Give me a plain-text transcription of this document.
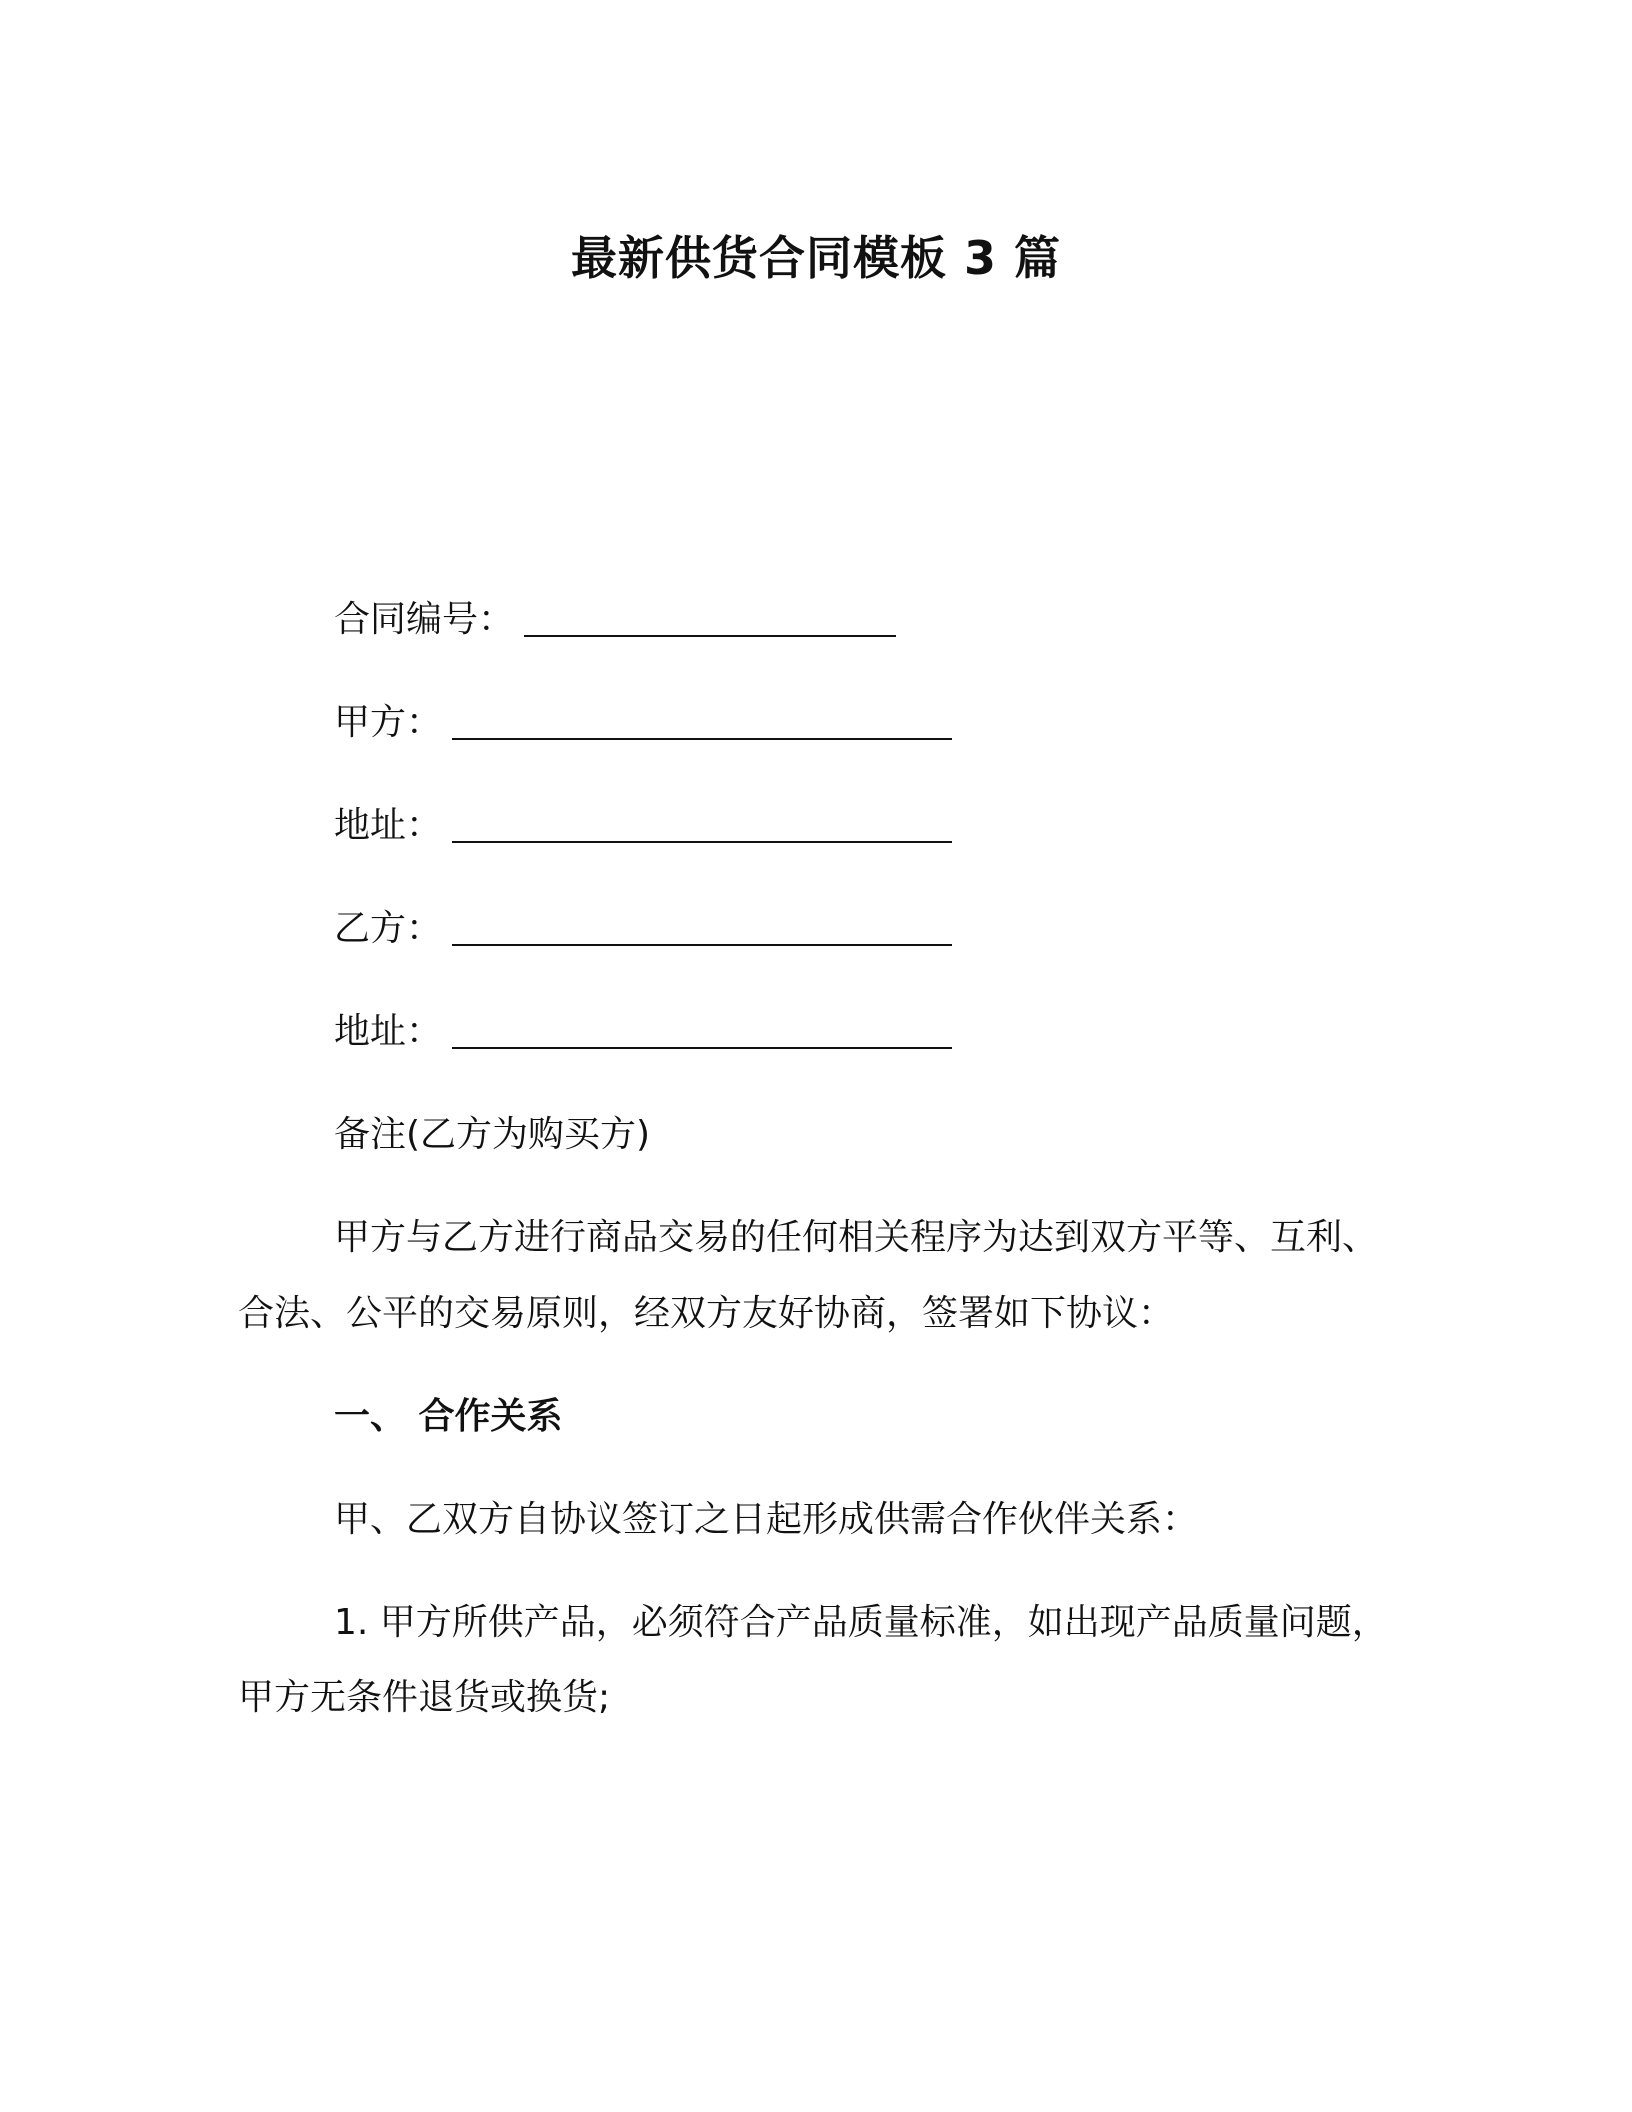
最新供货合同模板 3 篇
合同编号：
甲方：
地址：
乙方：
地址：
备注(乙方为购买方)
甲方与乙方进行商品交易的任何相关程序为达到双方平等、互利、
合法、公平的交易原则，经双方友好协商，签署如下协议：
一、 合作关系
甲、乙双方自协议签订之日起形成供需合作伙伴关系：
1. 甲方所供产品，必须符合产品质量标准，如出现产品质量问题，
甲方无条件退货或换货;
